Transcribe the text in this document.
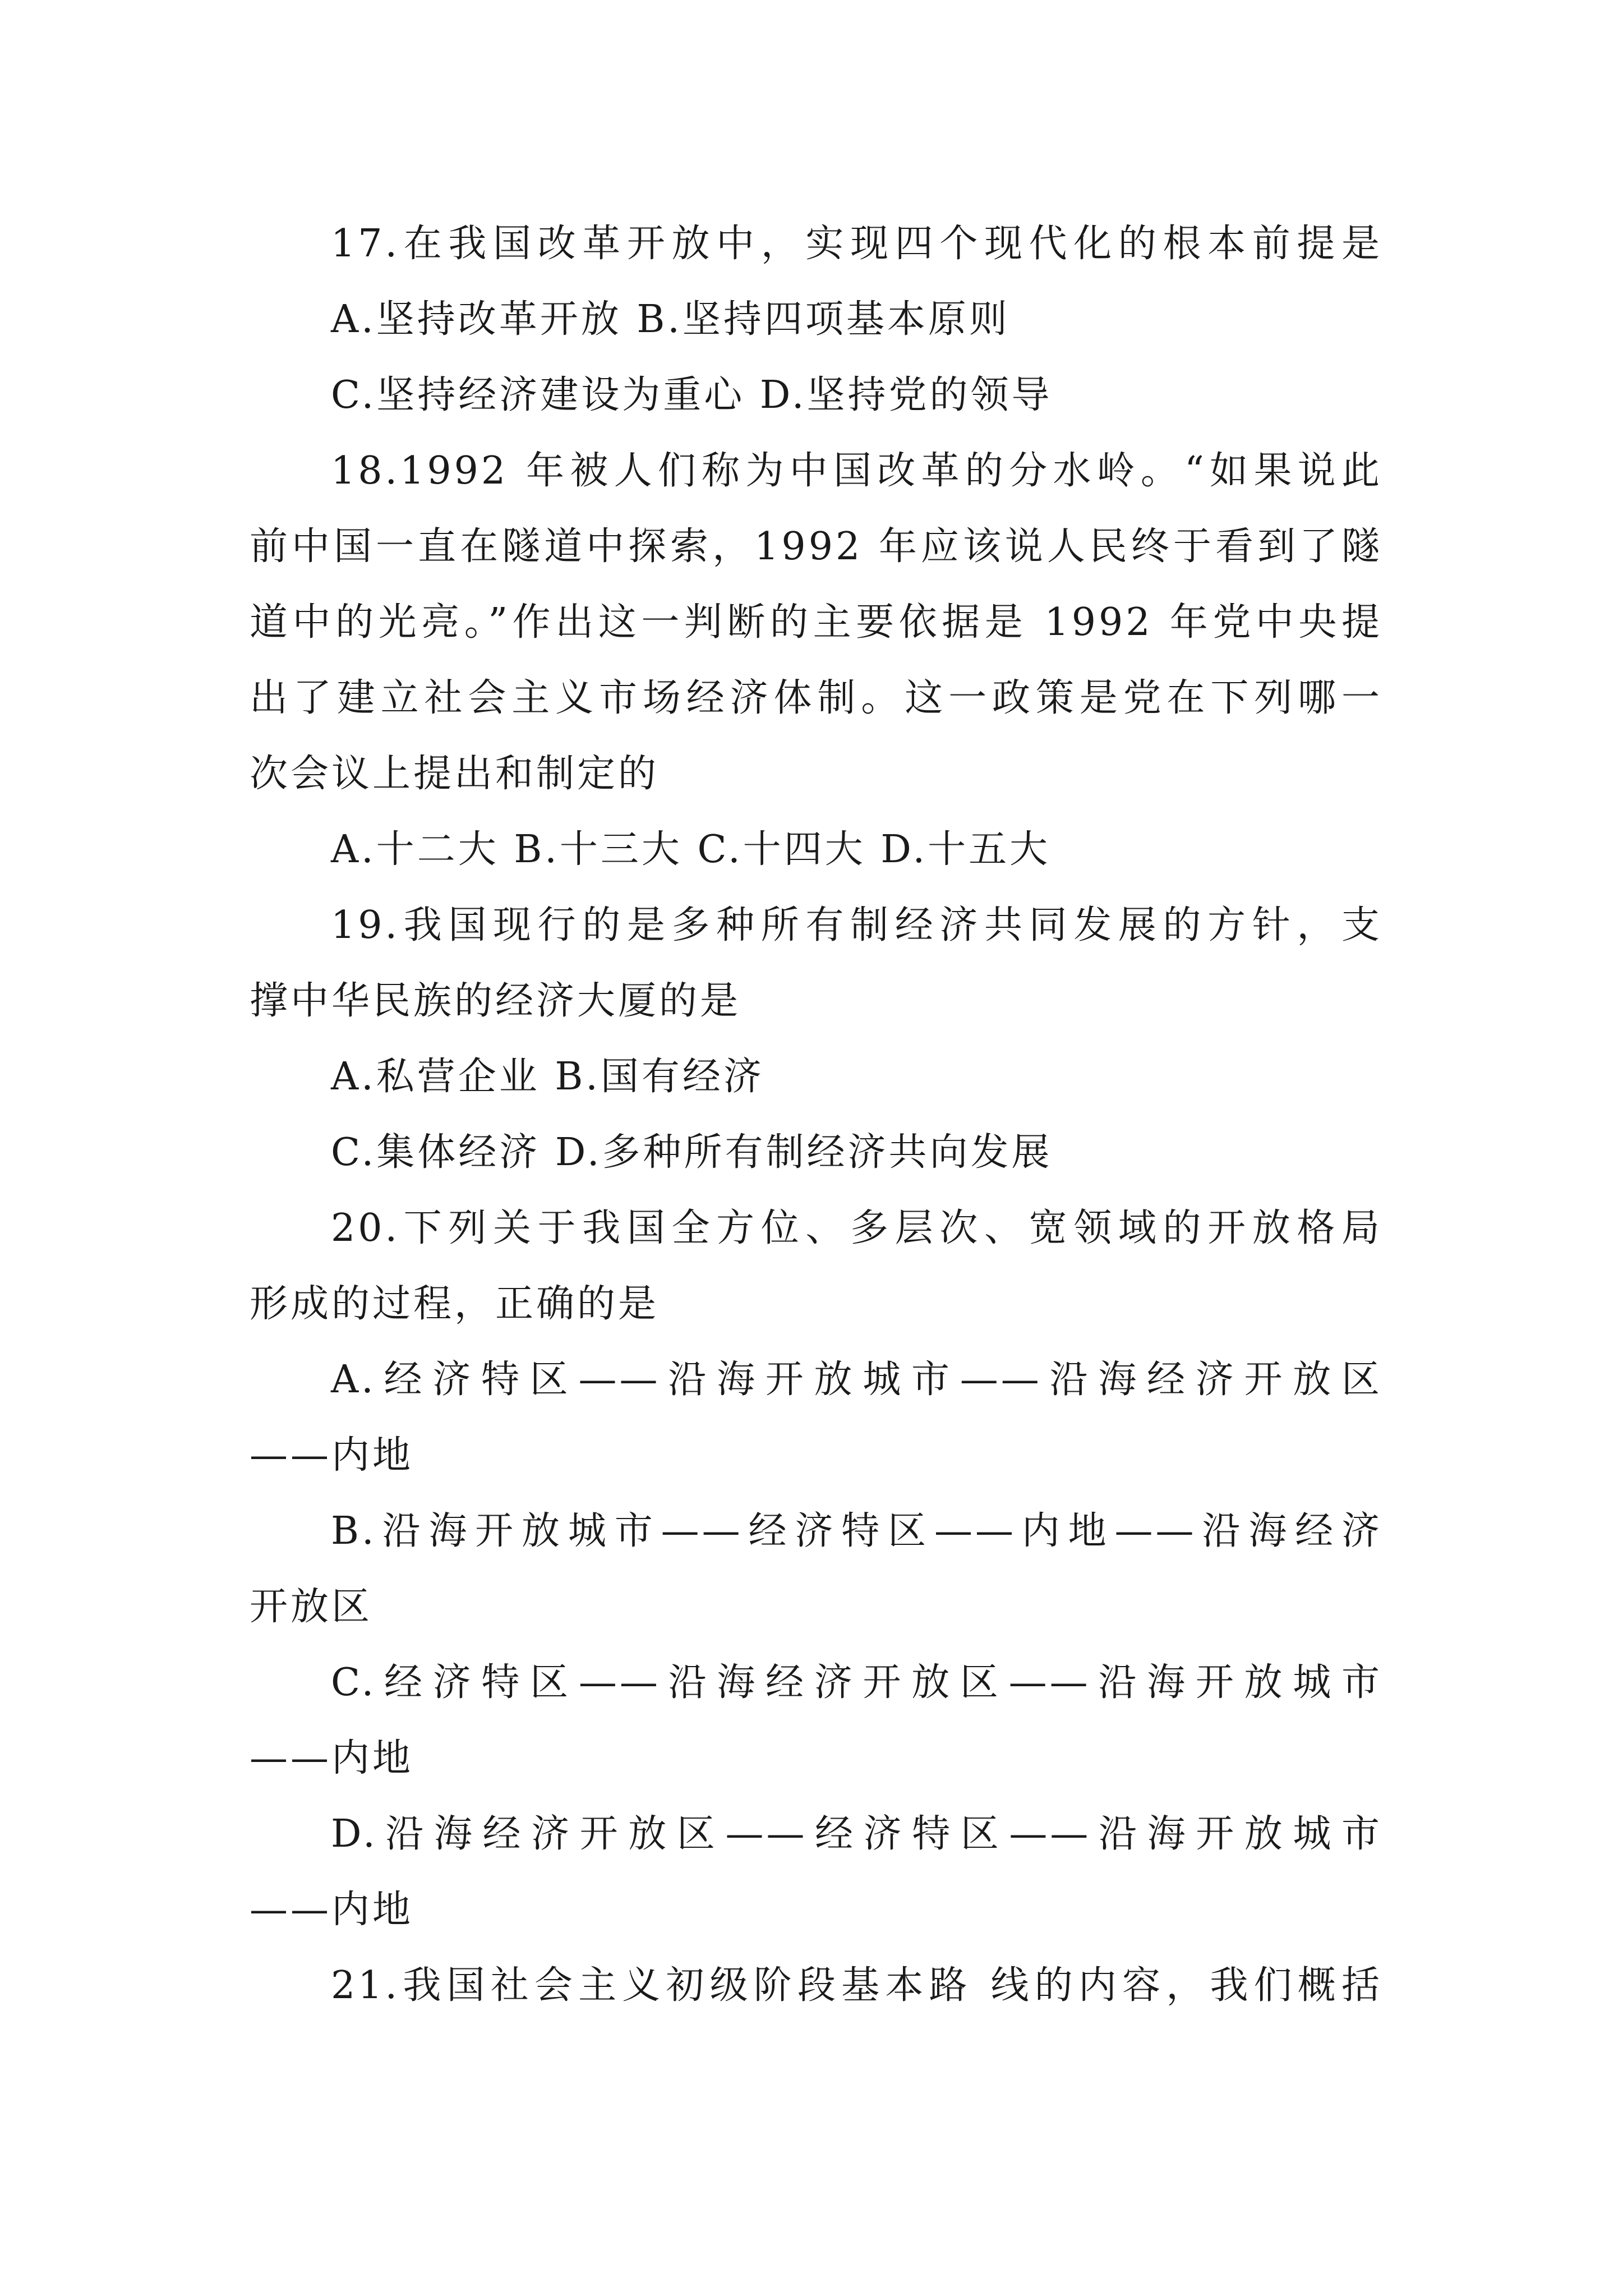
17.在我国改革开放中，实现四个现代化的根本前提是
A.坚持改革开放 B.坚持四项基本原则
C.坚持经济建设为重心 D.坚持党的领导
18.1992 年被人们称为中国改革的分水岭。“如果说此
前中国一直在隧道中探索，1992 年应该说人民终于看到了隧
道中的光亮。”作出这一判断的主要依据是 1992 年党中央提
出了建立社会主义市场经济体制。这一政策是党在下列哪一
次会议上提出和制定的
A.十二大 B.十三大 C.十四大 D.十五大
19.我国现行的是多种所有制经济共同发展的方针，支
撑中华民族的经济大厦的是
A.私营企业 B.国有经济
C.集体经济 D.多种所有制经济共向发展
20.下列关于我国全方位、多层次、宽领域的开放格局
形成的过程，正确的是
A.经济特区——沿海开放城市——沿海经济开放区
——内地
B.沿海开放城市——经济特区——内地——沿海经济
开放区
C.经济特区——沿海经济开放区——沿海开放城市
——内地
D.沿海经济开放区——经济特区——沿海开放城市
——内地
21.我国社会主义初级阶段基本路 线的内容，我们概括
